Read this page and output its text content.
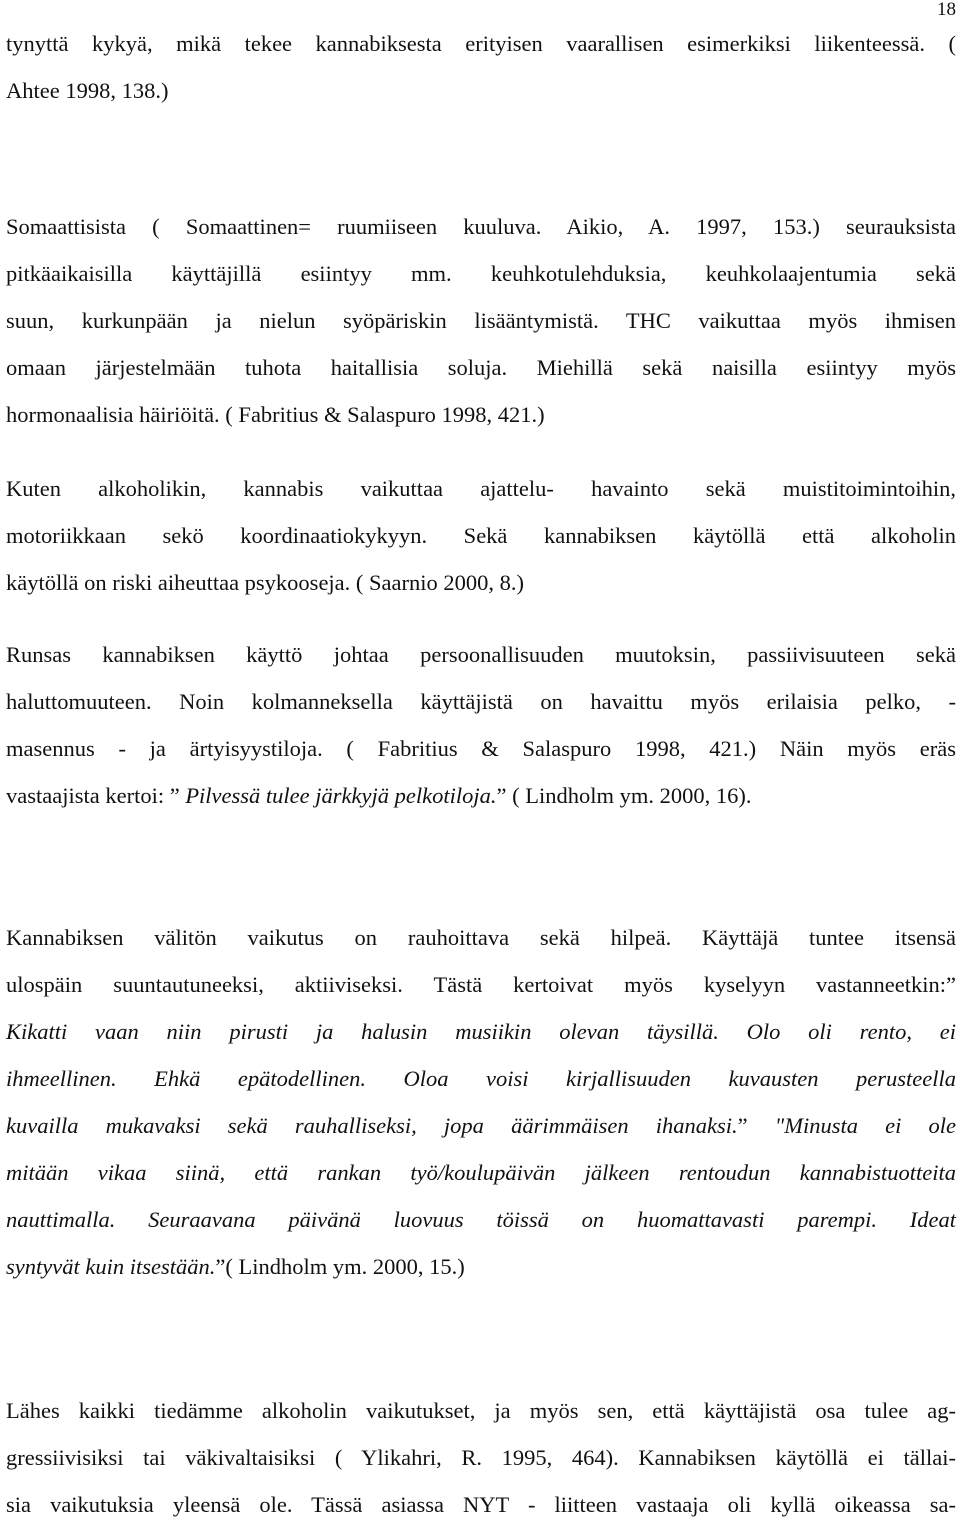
18

tynyttä kykyä, mikä tekee kannabiksesta erityisen vaarallisen esimerkiksi liikenteessä. (
Ahtee 1998, 138.)

Somaattisista ( Somaattinen= ruumiiseen kuuluva. Aikio, A. 1997, 153.) seurauksista
pitkäaikaisilla käyttäjillä esiintyy mm. keuhkotulehduksia, keuhkolaajentumia sekä
suun, kurkunpään ja nielun syöpäriskin lisääntymistä. THC vaikuttaa myös ihmisen
omaan järjestelmään tuhota haitallisia soluja. Miehillä sekä naisilla esiintyy myös
hormonaalisia häiriöitä. ( Fabritius & Salaspuro 1998, 421.)

Kuten alkoholikin, kannabis vaikuttaa ajattelu- havainto sekä muistitoimintoihin,
motoriikkaan sekö koordinaatiokykyyn. Sekä kannabiksen käytöllä että alkoholin
käytöllä on riski aiheuttaa psykooseja. ( Saarnio 2000, 8.)

Runsas kannabiksen käyttö johtaa persoonallisuuden muutoksin, passiivisuuteen sekä
haluttomuuteen. Noin kolmanneksella käyttäjistä on havaittu myös erilaisia pelko, -
masennus - ja ärtyisyystiloja. ( Fabritius & Salaspuro 1998, 421.) Näin myös eräs
vastaajista kertoi: ” Pilvessä tulee järkkyjä pelkotiloja.” ( Lindholm ym. 2000, 16).

Kannabiksen välitön vaikutus on rauhoittava sekä hilpeä. Käyttäjä tuntee itsensä
ulospäin suuntautuneeksi, aktiiviseksi. Tästä kertoivat myös kyselyyn vastanneetkin:”
Kikatti vaan niin pirusti ja halusin musiikin olevan täysillä. Olo oli rento, ei
ihmeellinen. Ehkä epätodellinen. Oloa voisi kirjallisuuden kuvausten perusteella
kuvailla mukavaksi sekä rauhalliseksi, jopa äärimmäisen ihanaksi.” "Minusta ei ole
mitään vikaa siinä, että rankan työ/koulupäivän jälkeen rentoudun kannabistuotteita
nauttimalla. Seuraavana päivänä luovuus töissä on huomattavasti parempi. Ideat
syntyvät kuin itsestään.”( Lindholm ym. 2000, 15.)

Lähes kaikki tiedämme alkoholin vaikutukset, ja myös sen, että käyttäjistä osa tulee ag-
gressiivisiksi tai väkivaltaisiksi ( Ylikahri, R. 1995, 464). Kannabiksen käytöllä ei tällai-
sia vaikutuksia yleensä ole. Tässä asiassa NYT - liitteen vastaaja oli kyllä oikeassa sa-
